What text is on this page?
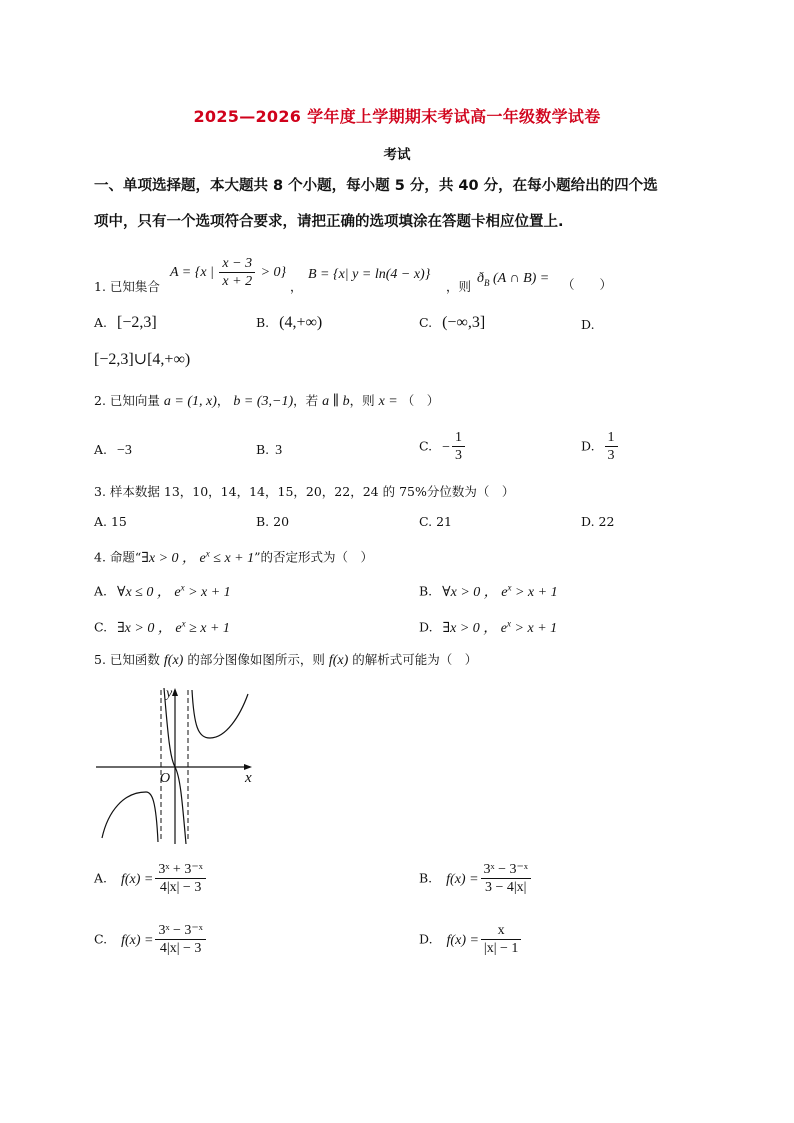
2025—2026 学年度上学期期末考试高一年级数学试卷
考试
一、单项选择题，本大题共 8 个小题，每小题 5 分，共 40 分，在每小题给出的四个选
项中，只有一个选项符合要求，请把正确的选项填涂在答题卡相应位置上.
1. 已知集合
A = {x | $\frac{x - 3}{x + 2} > 0$}
，
B = {x| y = ln(4 − x)}
，则
$ð_B$ (A ∩ B) = （　　）
A. [−2,3]	B. (4,+∞)	C. (−∞,3]	D.
[−2,3]∪[4,+∞)
2. 已知向量 a = (1, x)， b = (3,−1)，若 a ∥ b，则 x = （　）
A. −3	B. 3	C. − $\frac{1}{3}$	D. $\frac{1}{3}$
3. 样本数据 13，10，14，14，15，20，22，24 的 75%分位数为（　）
A. 15	B. 20	C. 21	D. 22
4. 命题“∃x > 0 ， $e^x \le x + 1$”的否定形式为（　）
A. ∀x ≤ 0 ， $e^x > x + 1$	B. ∀x > 0 ， $e^x > x + 1$
C. ∃x > 0 ， $e^x \ge x + 1$	D. ∃x > 0 ， $e^x > x + 1$
5. 已知函数 f(x) 的部分图像如图所示，则 f(x) 的解析式可能为（　）
y
x
O
A. $f(x) = \frac{\text{3ˣ + 3⁻ˣ}}{4|x| - 3}$	B. $f(x) = \frac{\text{3ˣ − 3⁻ˣ}}{3 - 4|x|}$
C. $f(x) = \frac{\text{3ˣ − 3⁻ˣ}}{4|x| - 3}$	D. $f(x) = \frac{x}{|x| - 1}$
